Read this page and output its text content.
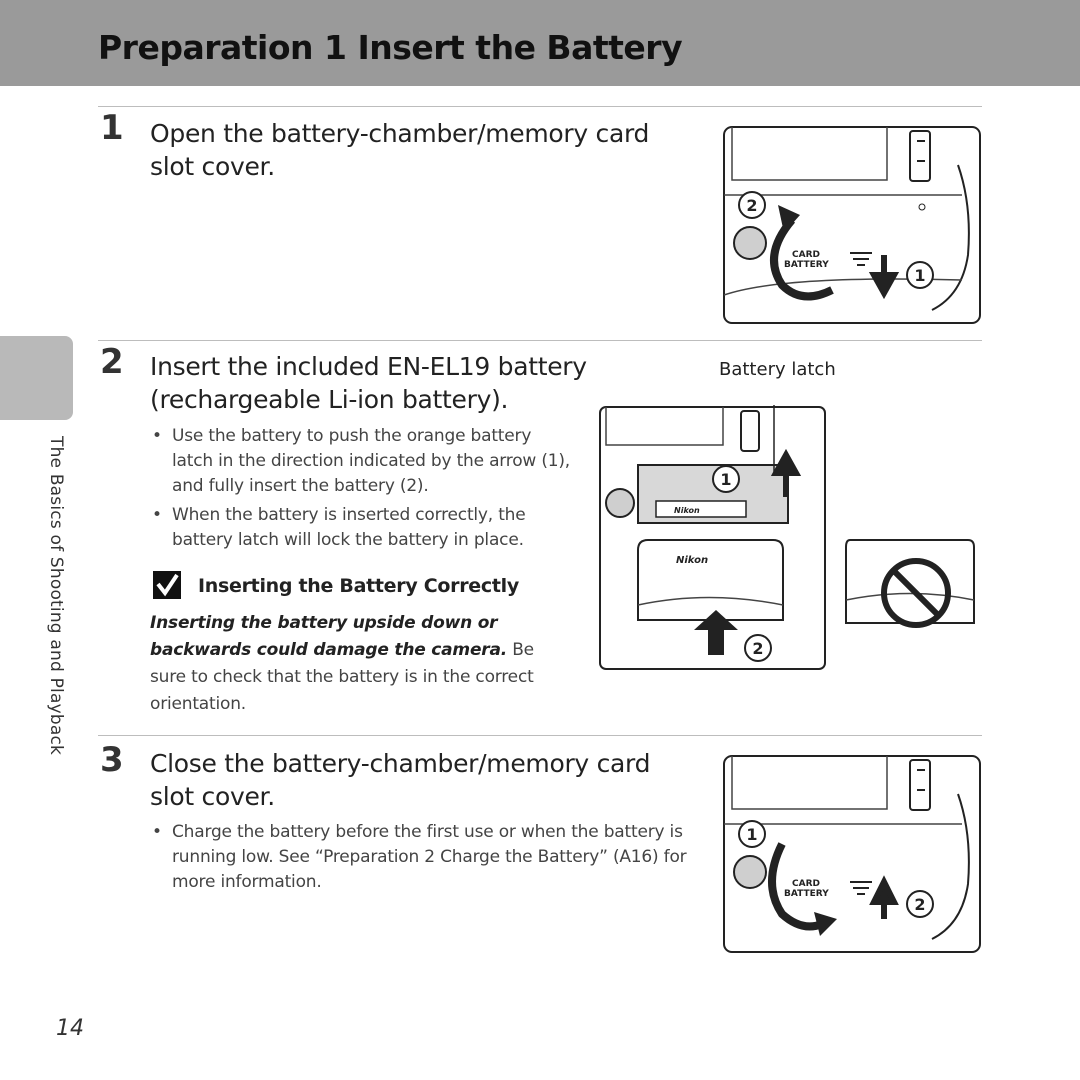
Preparation 1 Insert the Battery
The Basics of Shooting and Playback
1 Open the battery-chamber/memory card slot cover.
2 Insert the included EN-EL19 battery (rechargeable Li-ion battery).
• Use the battery to push the orange battery latch in the direction indicated by the arrow (1), and fully insert the battery (2).
• When the battery is inserted correctly, the battery latch will lock the battery in place.
Inserting the Battery Correctly
Inserting the battery upside down or backwards could damage the camera. Be sure to check that the battery is in the correct orientation.
3 Close the battery-chamber/memory card slot cover.
• Charge the battery before the first use or when the battery is running low. See “Preparation 2 Charge the Battery” (A16) for more information.
Battery latch
CARD
BATTERY
2
1
Nikon
1
Nikon
2
CARD
BATTERY
1
2
14
